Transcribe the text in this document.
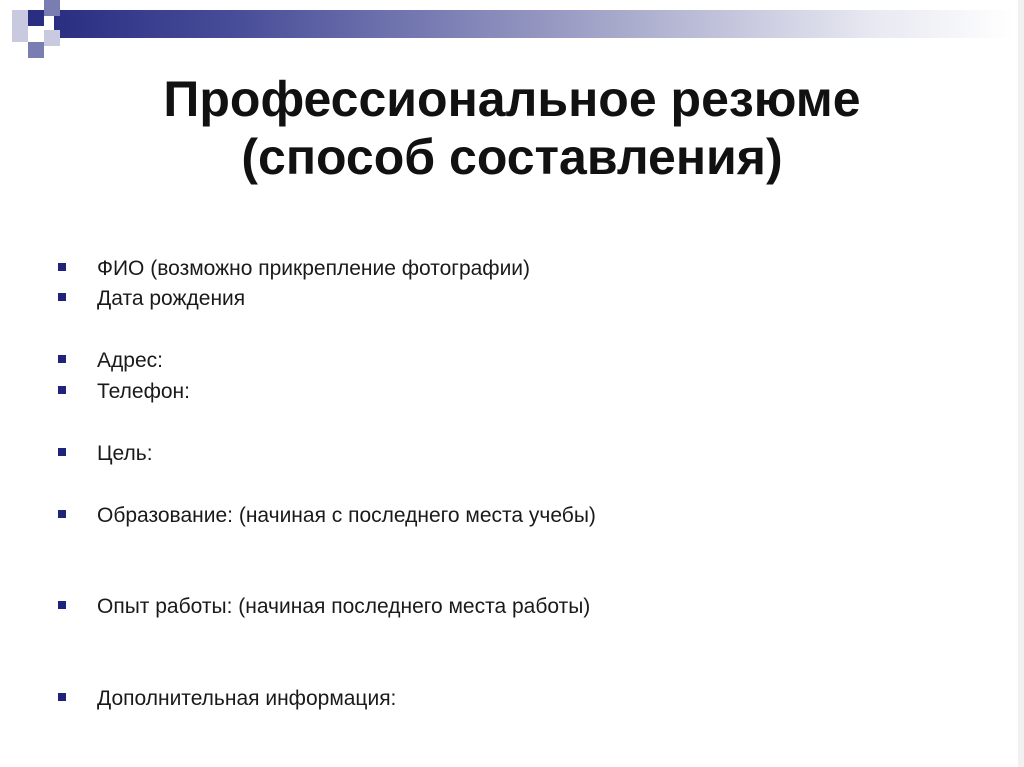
Профессиональное резюме
(способ составления)
ФИО (возможно прикрепление фотографии)
Дата рождения
Адрес:
Телефон:
Цель:
Образование: (начиная с последнего места учебы)
Опыт работы: (начиная последнего места работы)
Дополнительная информация:
